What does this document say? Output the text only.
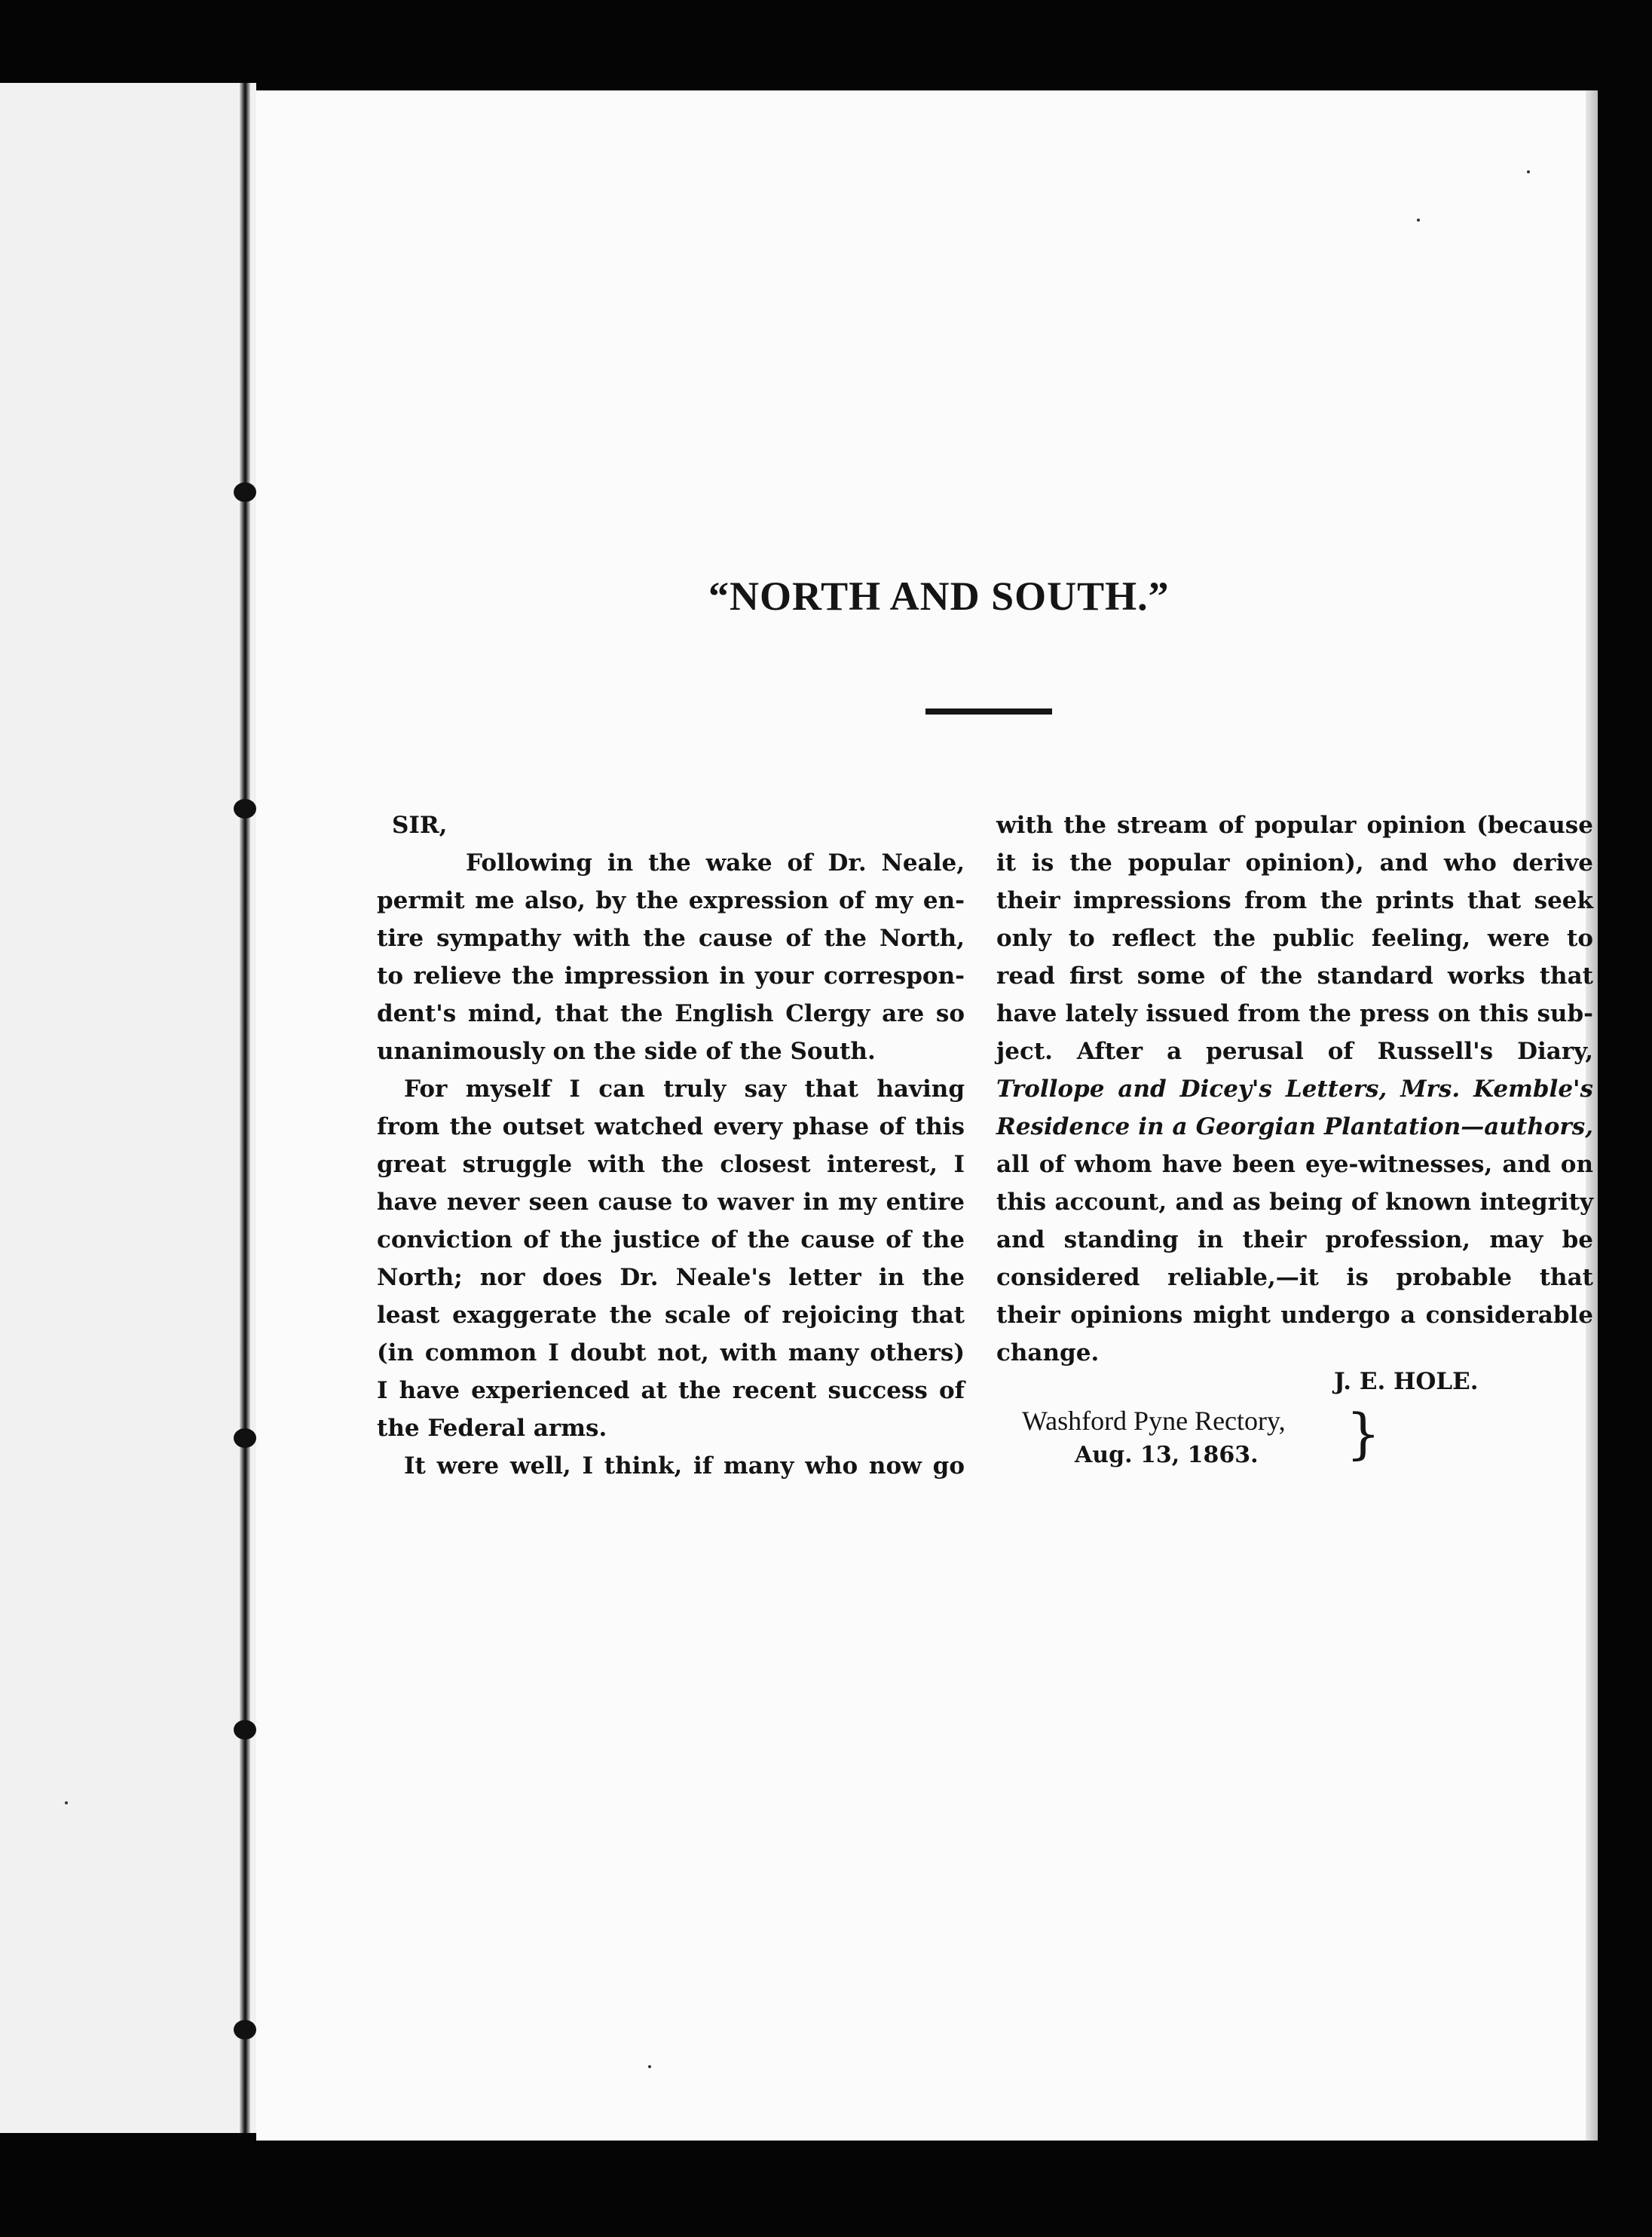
“NORTH AND SOUTH.”
SIR,
Following in the wake of Dr. Neale,
permit me also, by the expression of my en-
tire sympathy with the cause of the North,
to relieve the impression in your correspon-
dent's mind, that the English Clergy are so
unanimously on the side of the South.
For myself I can truly say that having
from the outset watched every phase of this
great struggle with the closest interest, I
have never seen cause to waver in my entire
conviction of the justice of the cause of the
North; nor does Dr. Neale's letter in the
least exaggerate the scale of rejoicing that
(in common I doubt not, with many others)
I have experienced at the recent success of
the Federal arms.
It were well, I think, if many who now go
with the stream of popular opinion (because
it is the popular opinion), and who derive
their impressions from the prints that seek
only to reflect the public feeling, were to
read first some of the standard works that
have lately issued from the press on this sub-
ject. After a perusal of Russell's Diary,
Trollope and Dicey's Letters, Mrs. Kemble's
Residence in a Georgian Plantation—authors,
all of whom have been eye-witnesses, and on
this account, and as being of known integrity
and standing in their profession, may be
considered reliable,—it is probable that
their opinions might undergo a considerable
change.
J. E. HOLE.
Washford Pyne Rectory,
Aug. 13, 1863.	}
